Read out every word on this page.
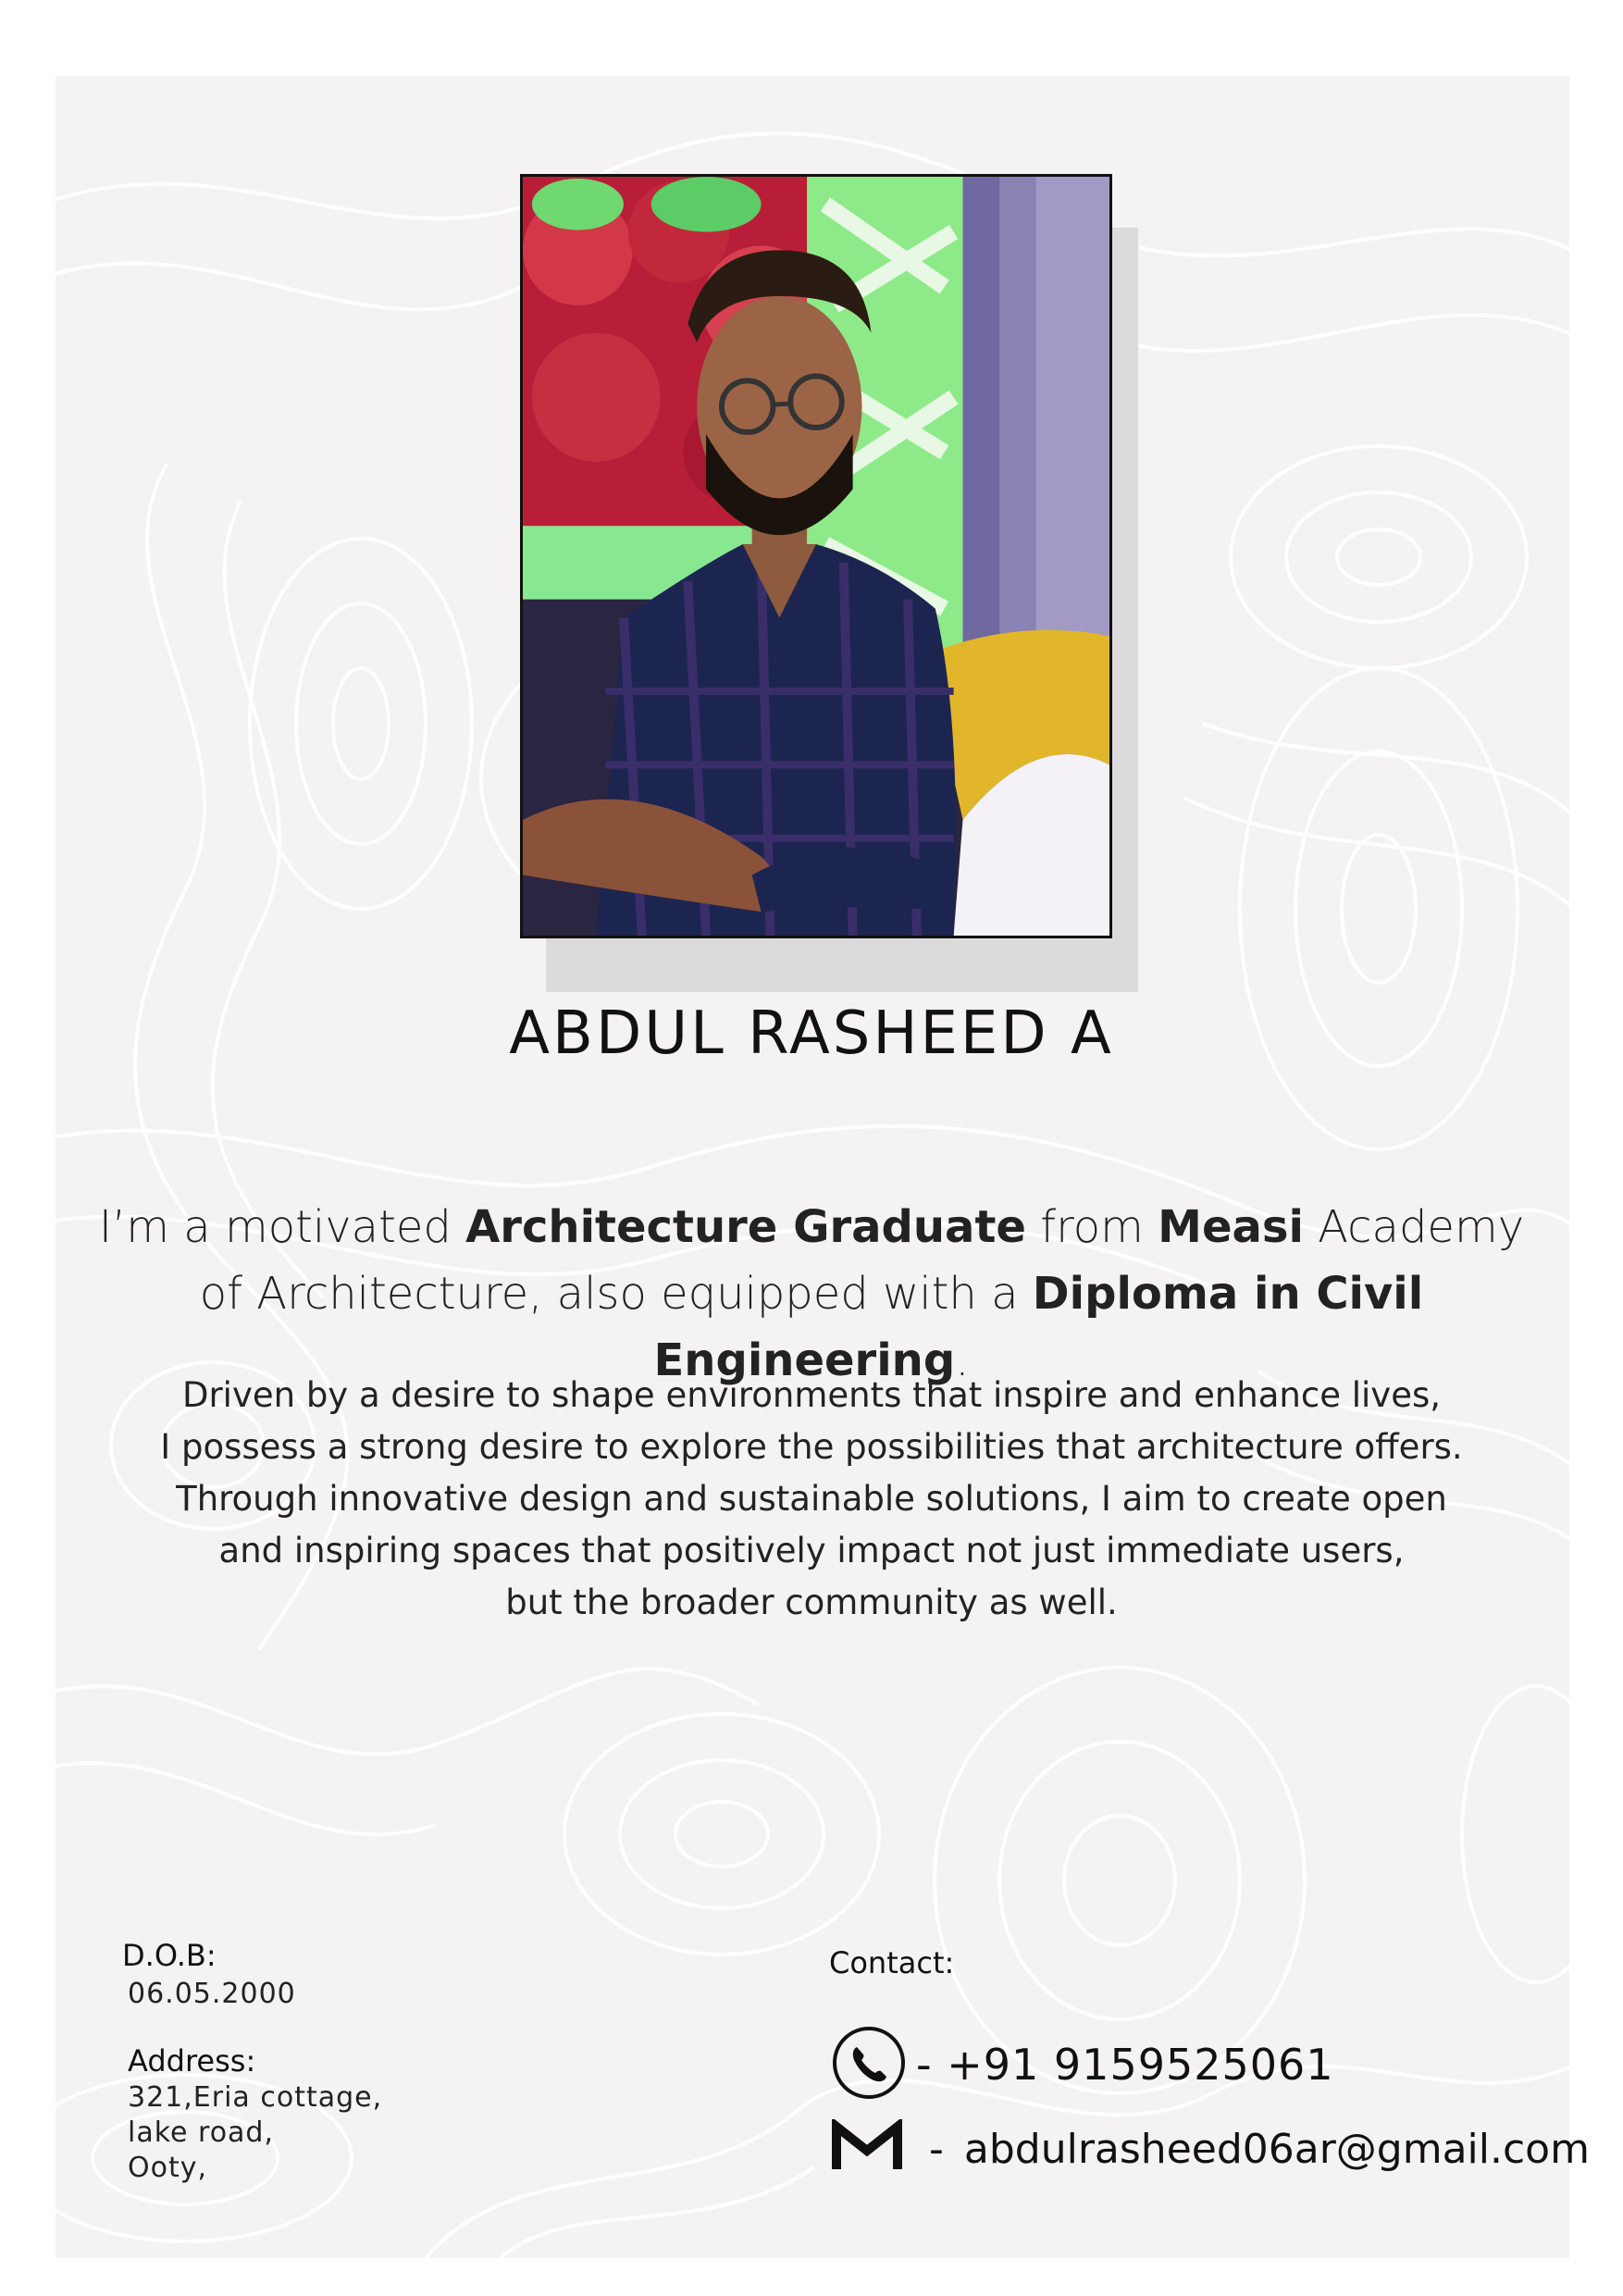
ABDUL RASHEED A
I’m a motivated Architecture Graduate from Measi Academy
of Architecture, also equipped with a Diploma in Civil Engineering.
Driven by a desire to shape environments that inspire and enhance lives,
I possess a strong desire to explore the possibilities that architecture offers.
Through innovative design and sustainable solutions, I aim to create open
and inspiring spaces that positively impact not just immediate users,
but the broader community as well.
D.O.B:
06.05.2000
Address:
321,Eria cottage,
lake road,
Ooty,
Contact:
- +91 9159525061
- abdulrasheed06ar@gmail.com
